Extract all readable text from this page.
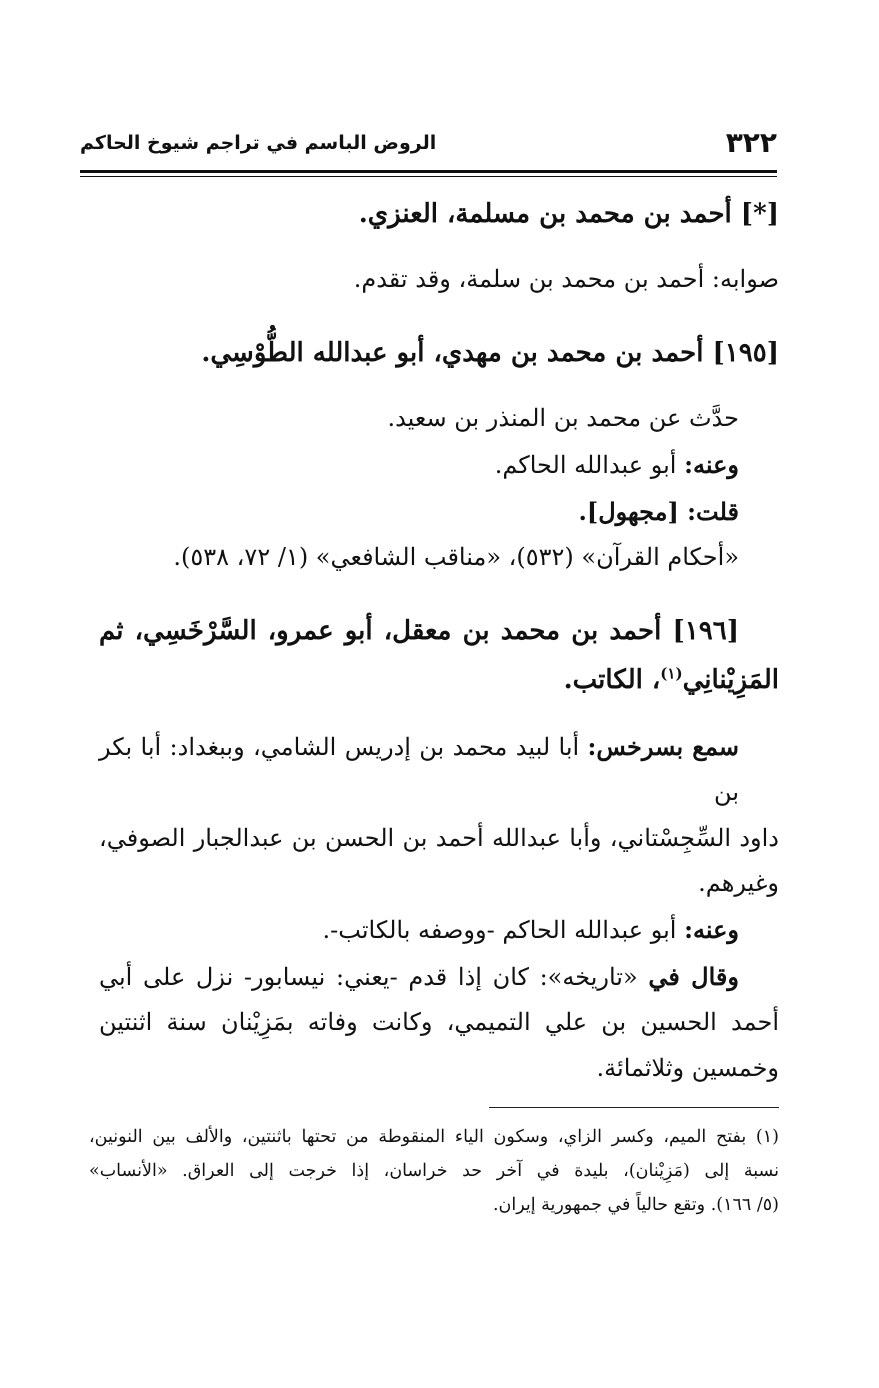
٣٢٢
الروض الباسم في تراجم شيوخ الحاكم
[*] أحمد بن محمد بن مسلمة، العنزي.
صوابه: أحمد بن محمد بن سلمة، وقد تقدم.
[١٩٥] أحمد بن محمد بن مهدي، أبو عبدالله الطُّوْسِي.
حدَّث عن محمد بن المنذر بن سعيد.
وعنه: أبو عبدالله الحاكم.
قلت: [مجهول].
«أحكام القرآن» (٥٣٢)، «مناقب الشافعي» (١/ ٧٢، ٥٣٨).
[١٩٦] أحمد بن محمد بن معقل، أبو عمرو، السَّرْخَسِي، ثم
المَزِيْنانِي$^{(١)}$، الكاتب.
سمع بسرخس: أبا لبيد محمد بن إدريس الشامي، وببغداد: أبا بكر بن
داود السِّجِسْتاني، وأبا عبدالله أحمد بن الحسن بن عبدالجبار الصوفي،
وغيرهم.
وعنه: أبو عبدالله الحاكم -ووصفه بالكاتب-.
وقال في «تاريخه»: كان إذا قدم -يعني: نيسابور- نزل على أبي
أحمد الحسين بن علي التميمي، وكانت وفاته بمَزِيْنان سنة اثنتين
وخمسين وثلاثمائة.
(١) بفتح الميم، وكسر الزاي، وسكون الياء المنقوطة من تحتها باثنتين، والألف بين النونين،
نسبة إلى (مَزِيْنان)، بليدة في آخر حد خراسان، إذا خرجت إلى العراق. «الأنساب»
(٥/ ١٦٦). وتقع حالياً في جمهورية إيران.
